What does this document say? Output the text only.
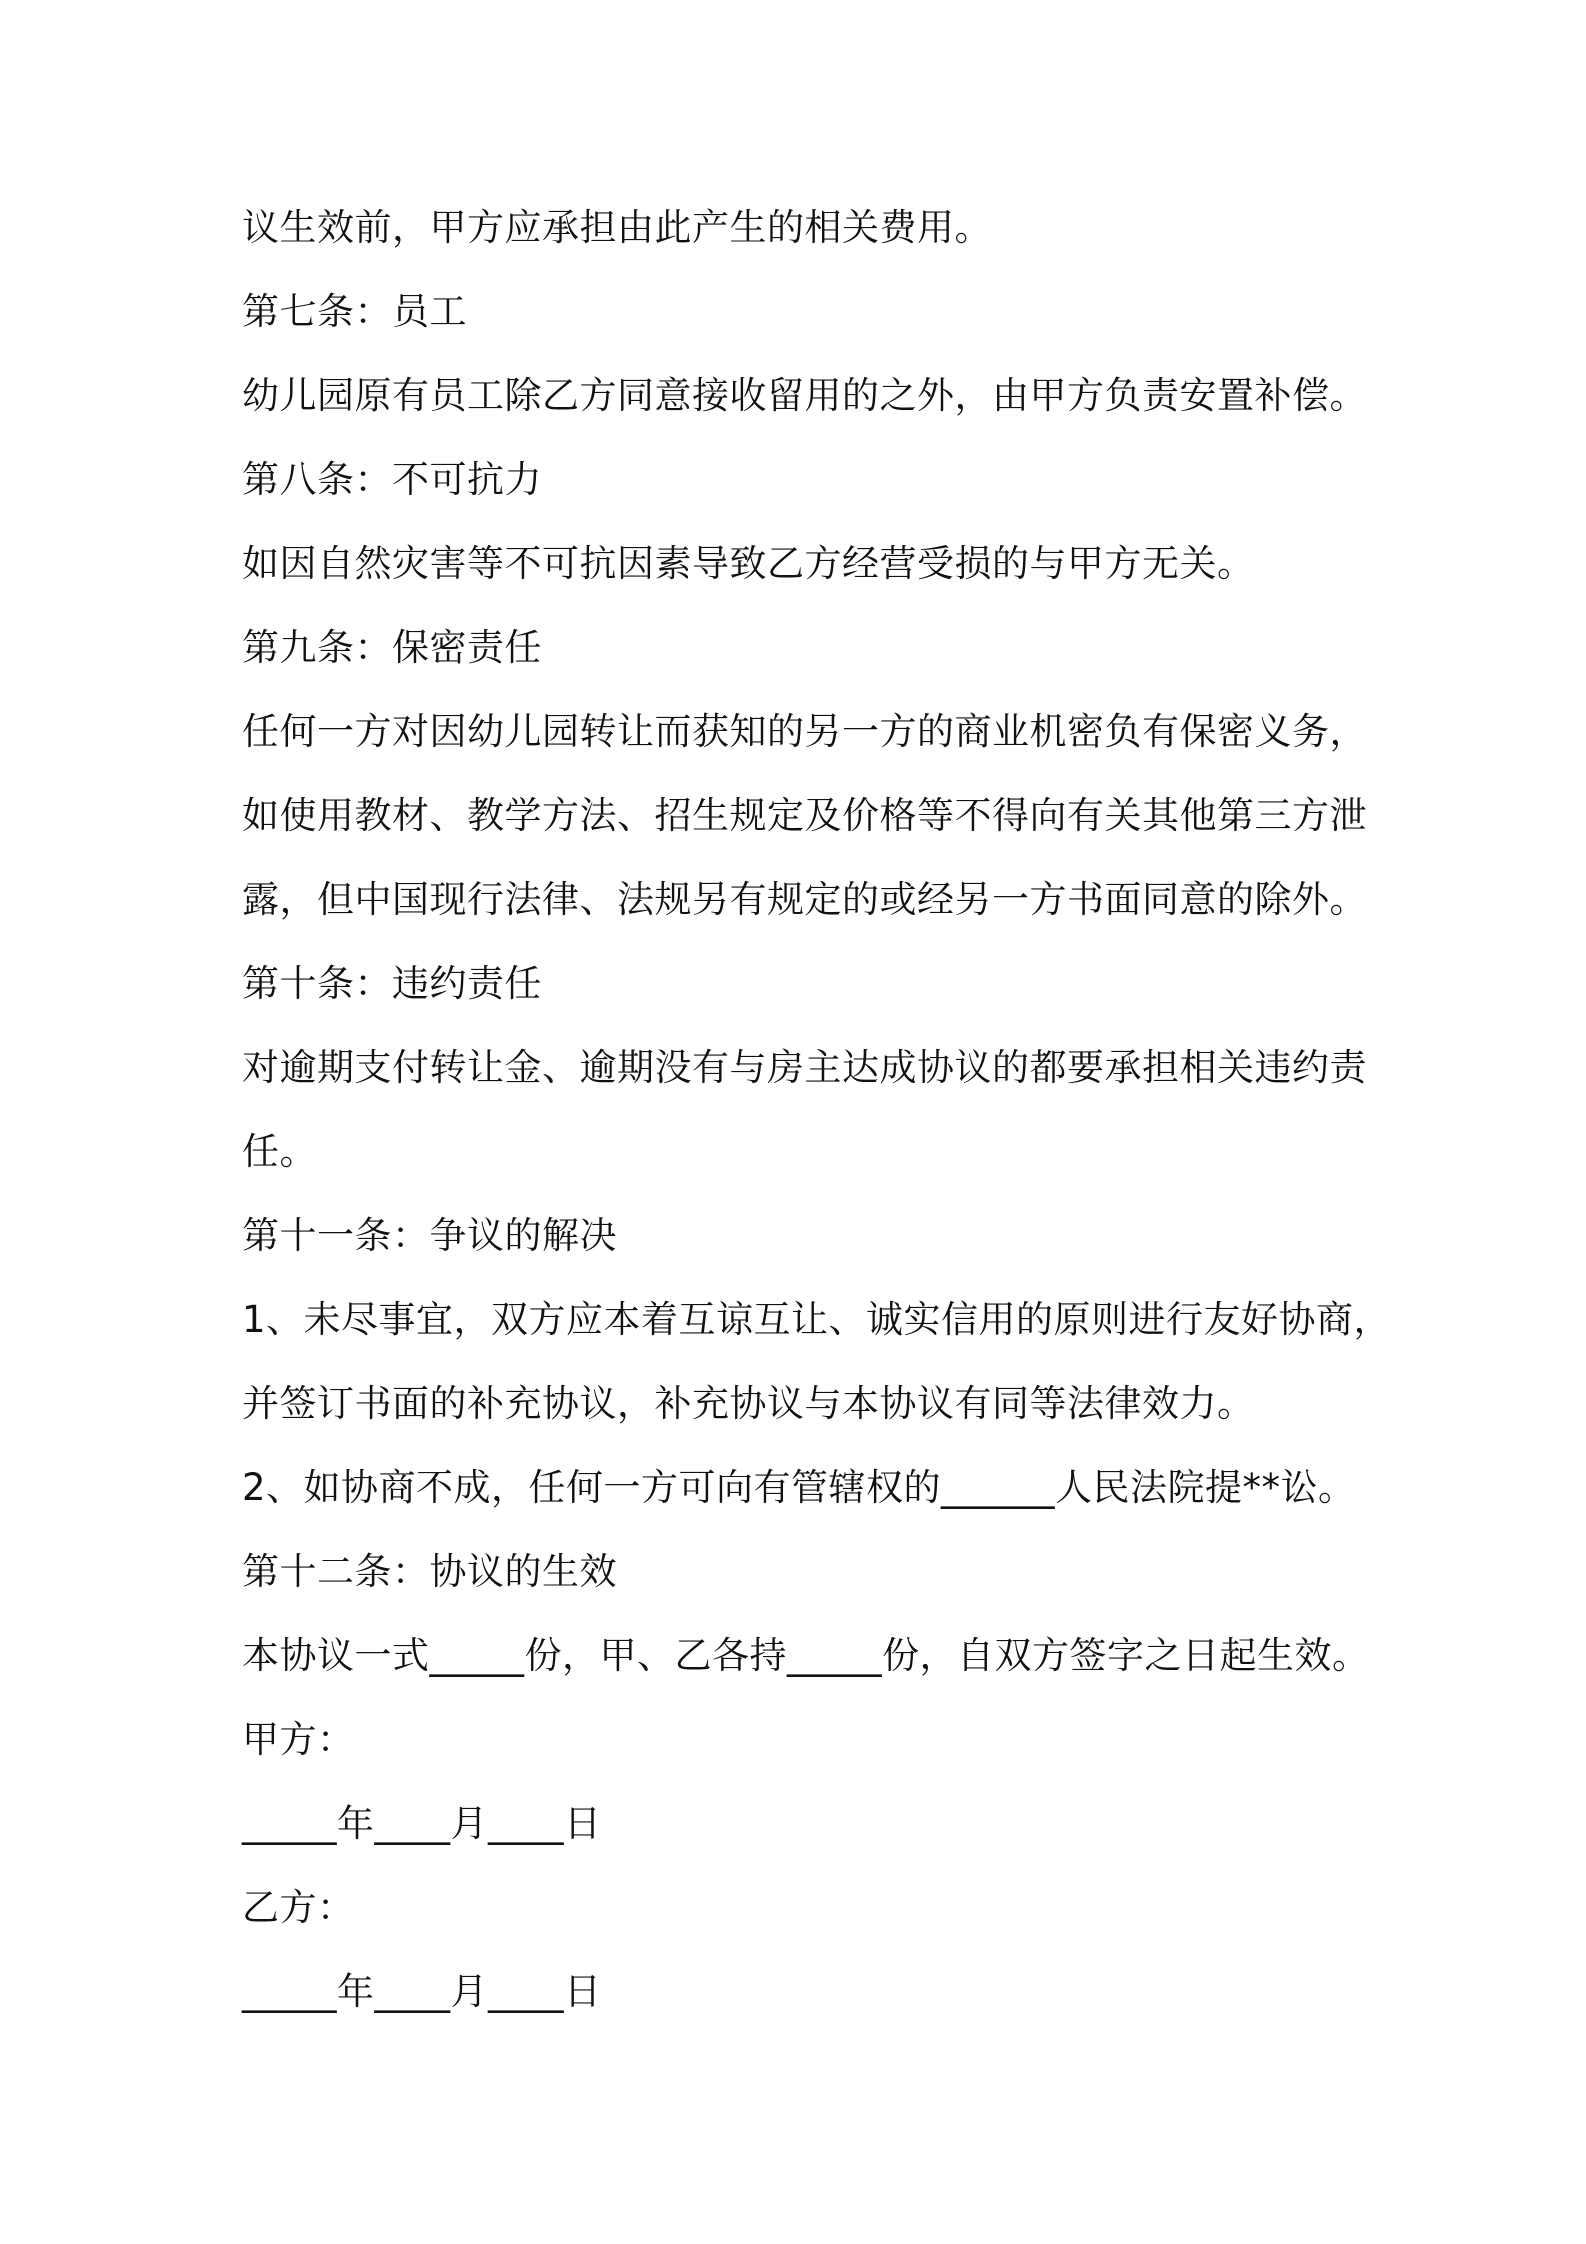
议生效前，甲方应承担由此产生的相关费用。
第七条：员工
幼儿园原有员工除乙方同意接收留用的之外，由甲方负责安置补偿。
第八条：不可抗力
如因自然灾害等不可抗因素导致乙方经营受损的与甲方无关。
第九条：保密责任
任何一方对因幼儿园转让而获知的另一方的商业机密负有保密义务，
如使用教材、教学方法、招生规定及价格等不得向有关其他第三方泄
露，但中国现行法律、法规另有规定的或经另一方书面同意的除外。
第十条：违约责任
对逾期支付转让金、逾期没有与房主达成协议的都要承担相关违约责
任。
第十一条：争议的解决
1、未尽事宜，双方应本着互谅互让、诚实信用的原则进行友好协商，
并签订书面的补充协议，补充协议与本协议有同等法律效力。
2、如协商不成，任何一方可向有管辖权的______人民法院提**讼。
第十二条：协议的生效
本协议一式_____份，甲、乙各持_____份，自双方签字之日起生效。
甲方：
_____年____月____日
乙方：
_____年____月____日
